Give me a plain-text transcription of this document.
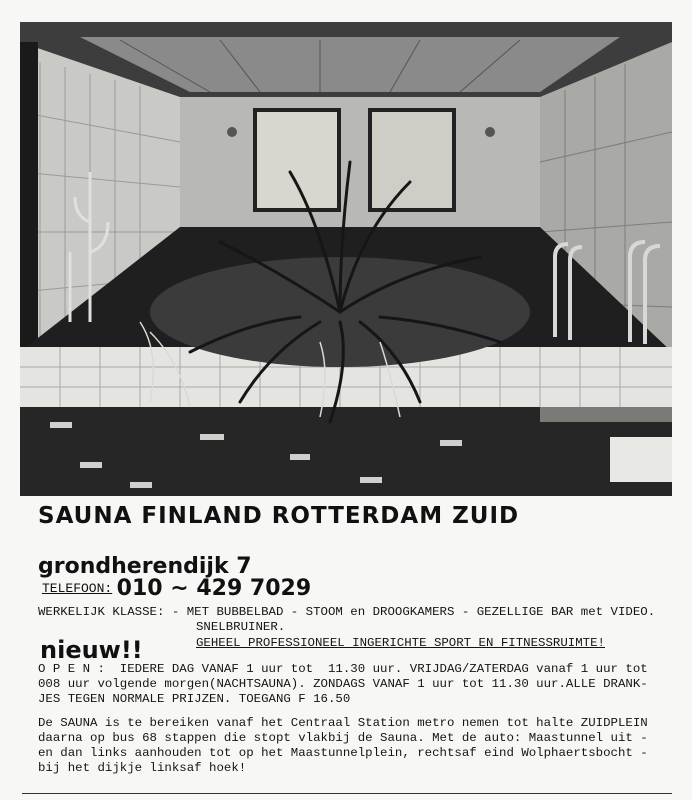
SAUNA FINLAND ROTTERDAM ZUID
grondherendijk 7
TELEFOON: 010 ~ 429 7029
WERKELIJK KLASSE: - MET BUBBELBAD - STOOM en DROOGKAMERS - GEZELLIGE BAR met VIDEO.
SNELBRUINER.
nieuw!!	GEHEEL PROFESSIONEEL INGERICHTE SPORT EN FITNESSRUIMTE!
O P E N :  IEDERE DAG VANAF 1 uur tot  11.30 uur. VRIJDAG/ZATERDAG vanaf 1 uur tot
008 uur volgende morgen(NACHTSAUNA). ZONDAGS VANAF 1 uur tot 11.30 uur.ALLE DRANK-
JES TEGEN NORMALE PRIJZEN. TOEGANG F 16.50
De SAUNA is te bereiken vanaf het Centraal Station metro nemen tot halte ZUIDPLEIN
daarna op bus 68 stappen die stopt vlakbij de Sauna. Met de auto: Maastunnel uit -
en dan links aanhouden tot op het Maastunnelplein, rechtsaf eind Wolphaertsbocht -
bij het dijkje linksaf hoek!
